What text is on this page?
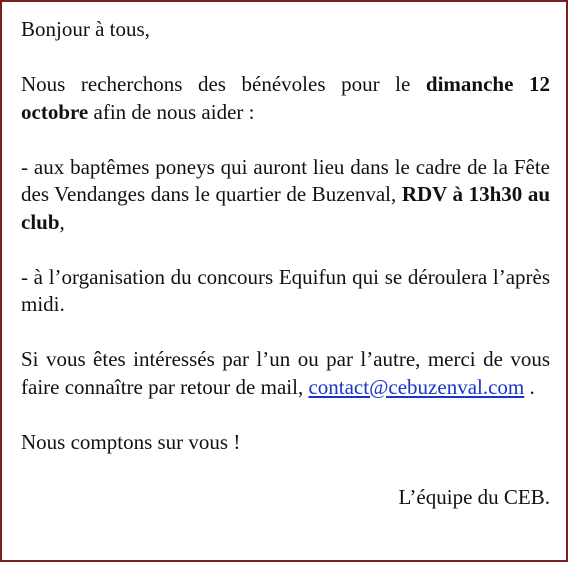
Bonjour à tous,

Nous recherchons des bénévoles pour le dimanche 12 octobre afin de nous aider :

- aux baptêmes poneys qui auront lieu dans le cadre de la Fête des Vendanges dans le quartier de Buzenval, RDV à 13h30 au club,

- à l’organisation du concours Equifun qui se déroulera l’après midi.

Si vous êtes intéressés par l’un ou par l’autre, merci de vous faire connaître par retour de mail, contact@cebuzenval.com .

Nous comptons sur vous !

L’équipe du CEB.
